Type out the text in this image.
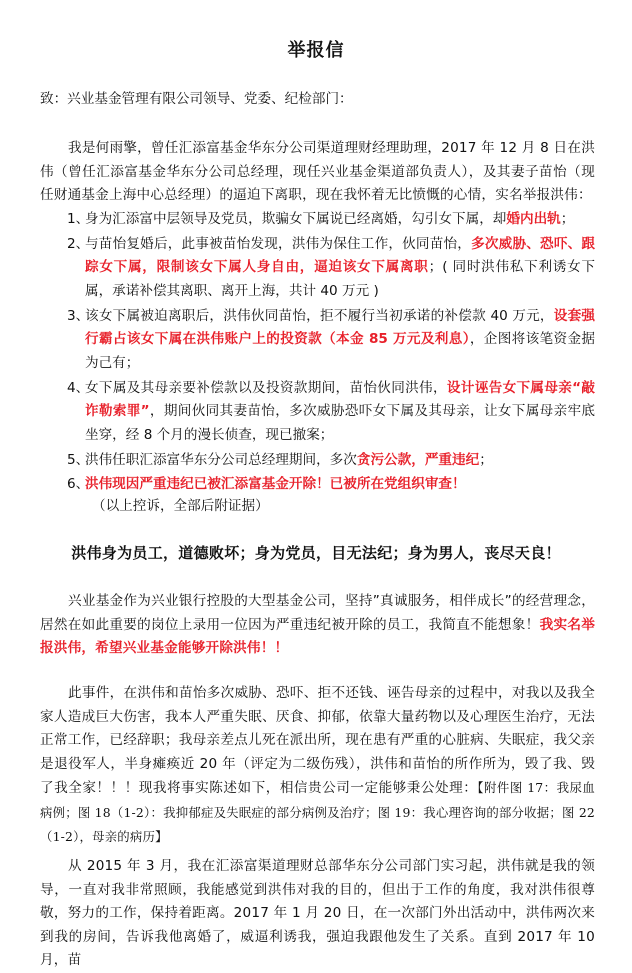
举报信
致：兴业基金管理有限公司领导、党委、纪检部门：
我是何雨擎，曾任汇添富基金华东分公司渠道理财经理助理，2017 年 12 月 8 日在洪伟（曾任汇添富基金华东分公司总经理，现任兴业基金渠道部负责人），及其妻子苗怡（现任财通基金上海中心总经理）的逼迫下离职，现在我怀着无比愤慨的心情，实名举报洪伟：
1、
身为汇添富中层领导及党员，欺骗女下属说已经离婚，勾引女下属，却婚内出轨；
2、
与苗怡复婚后，此事被苗怡发现，洪伟为保住工作，伙同苗怡，多次威胁、恐吓、跟踪女下属，限制该女下属人身自由，逼迫该女下属离职；( 同时洪伟私下利诱女下属，承诺补偿其离职、离开上海，共计 40 万元 )
3、
该女下属被迫离职后，洪伟伙同苗怡，拒不履行当初承诺的补偿款 40 万元，设套强行霸占该女下属在洪伟账户上的投资款（本金 85 万元及利息），企图将该笔资金据为己有；
4、
女下属及其母亲要补偿款以及投资款期间，苗怡伙同洪伟，设计诬告女下属母亲“敲诈勒索罪”，期间伙同其妻苗怡，多次威胁恐吓女下属及其母亲，让女下属母亲牢底坐穿，经 8 个月的漫长侦查，现已撤案；
5、
洪伟任职汇添富华东分公司总经理期间，多次贪污公款，严重违纪；
6、
洪伟现因严重违纪已被汇添富基金开除！已被所在党组织审查！
（以上控诉，全部后附证据）
洪伟身为员工，道德败坏；身为党员，目无法纪；身为男人，丧尽天良！
兴业基金作为兴业银行控股的大型基金公司，坚持”真诚服务，相伴成长”的经营理念，居然在如此重要的岗位上录用一位因为严重违纪被开除的员工，我简直不能想象！我实名举报洪伟，希望兴业基金能够开除洪伟！！
此事件，在洪伟和苗怡多次威胁、恐吓、拒不还钱、诬告母亲的过程中，对我以及我全家人造成巨大伤害，我本人严重失眠、厌食、抑郁，依靠大量药物以及心理医生治疗，无法正常工作，已经辞职；我母亲差点儿死在派出所，现在患有严重的心脏病、失眠症，我父亲是退役军人，半身瘫痪近 20 年（评定为二级伤残），洪伟和苗怡的所作所为，毁了我、毁了我全家！！！现我将事实陈述如下，相信贵公司一定能够秉公处理：【附件图 17：我尿血病例；图 18（1-2）：我抑郁症及失眠症的部分病例及治疗；图 19：我心理咨询的部分收据；图 22（1-2），母亲的病历】
从 2015 年 3 月，我在汇添富渠道理财总部华东分公司部门实习起，洪伟就是我的领导，一直对我非常照顾，我能感觉到洪伟对我的目的，但出于工作的角度，我对洪伟很尊敬，努力的工作，保持着距离。2017 年 1 月 20 日，在一次部门外出活动中，洪伟两次来到我的房间，告诉我他离婚了，威逼利诱我，强迫我跟他发生了关系。直到 2017 年 10 月，苗
